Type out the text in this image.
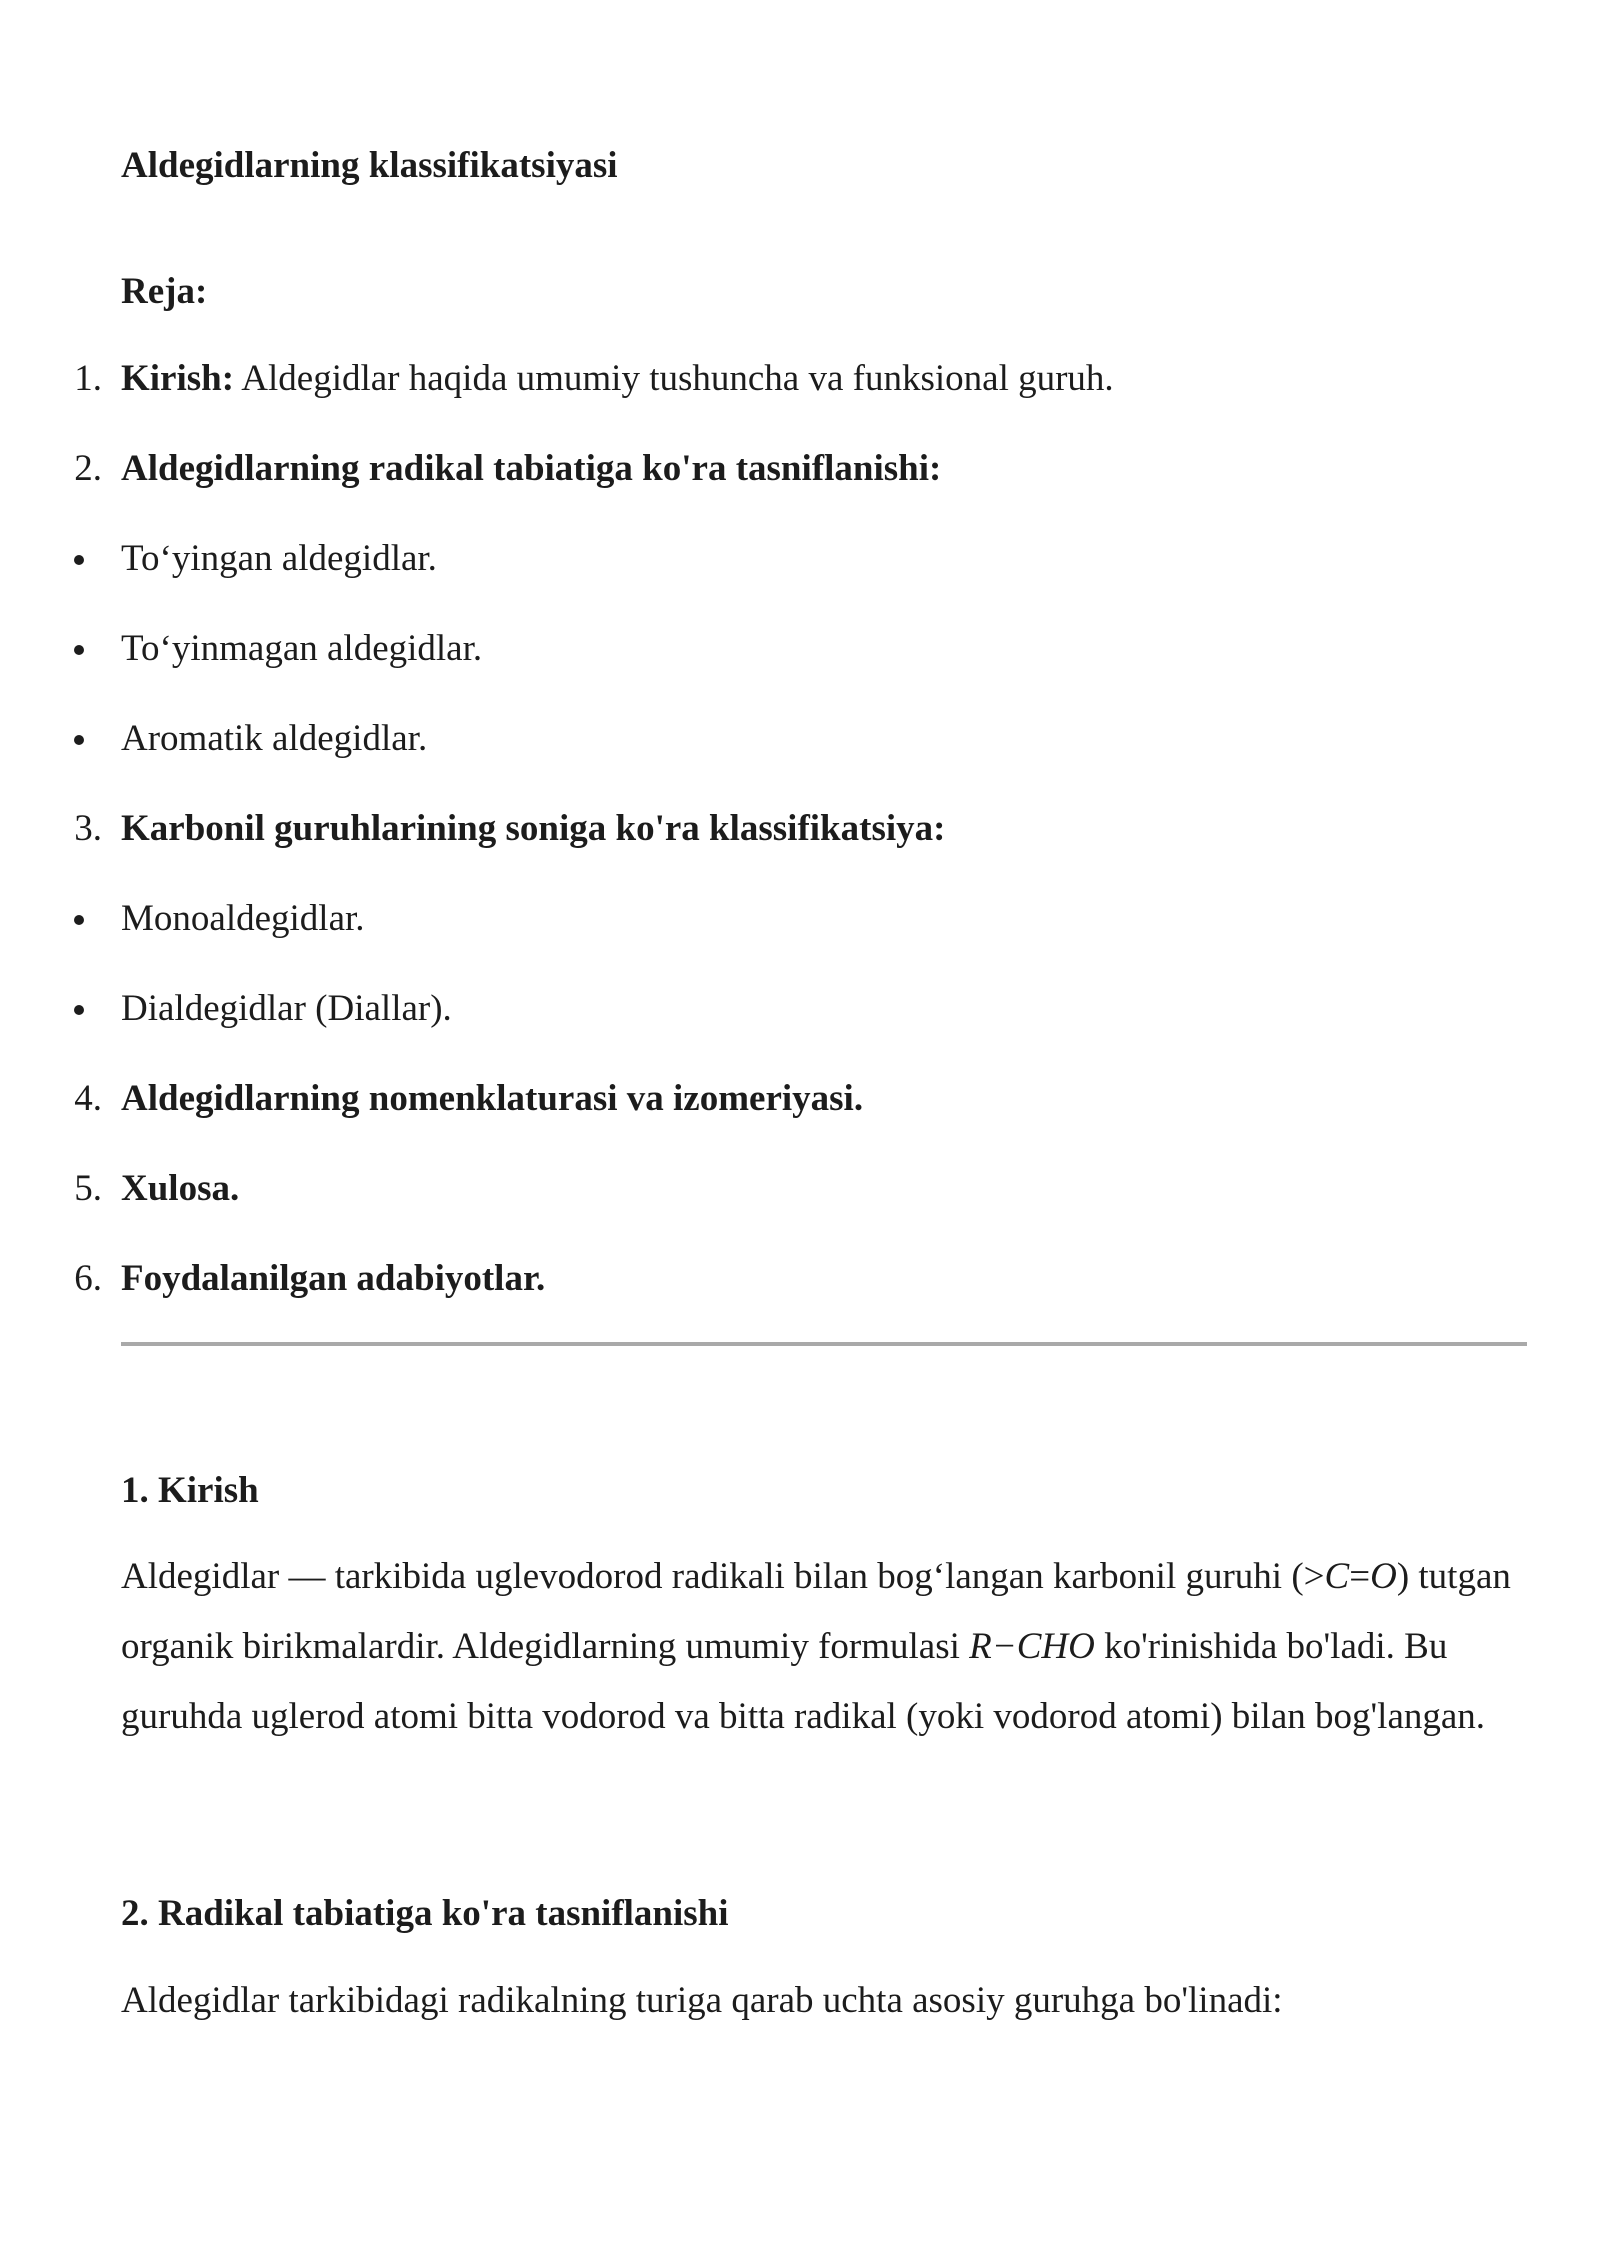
Aldegidlarning klassifikatsiyasi
Reja:
1. Kirish: Aldegidlar haqida umumiy tushuncha va funksional guruh.
2. Aldegidlarning radikal tabiatiga ko'ra tasniflanishi:
To‘yingan aldegidlar.
To‘yinmagan aldegidlar.
Aromatik aldegidlar.
3. Karbonil guruhlarining soniga ko'ra klassifikatsiya:
Monoaldegidlar.
Dialdegidlar (Diallar).
4. Aldegidlarning nomenklaturasi va izomeriyasi.
5. Xulosa.
6. Foydalanilgan adabiyotlar.
1. Kirish
Aldegidlar — tarkibida uglevodorod radikali bilan bog‘langan karbonil guruhi (>C=O) tutgan organik birikmalardir. Aldegidlarning umumiy formulasi R−CHO ko'rinishida bo'ladi. Bu guruhda uglerod atomi bitta vodorod va bitta radikal (yoki vodorod atomi) bilan bog'langan.
2. Radikal tabiatiga ko'ra tasniflanishi
Aldegidlar tarkibidagi radikalning turiga qarab uchta asosiy guruhga bo'linadi:
